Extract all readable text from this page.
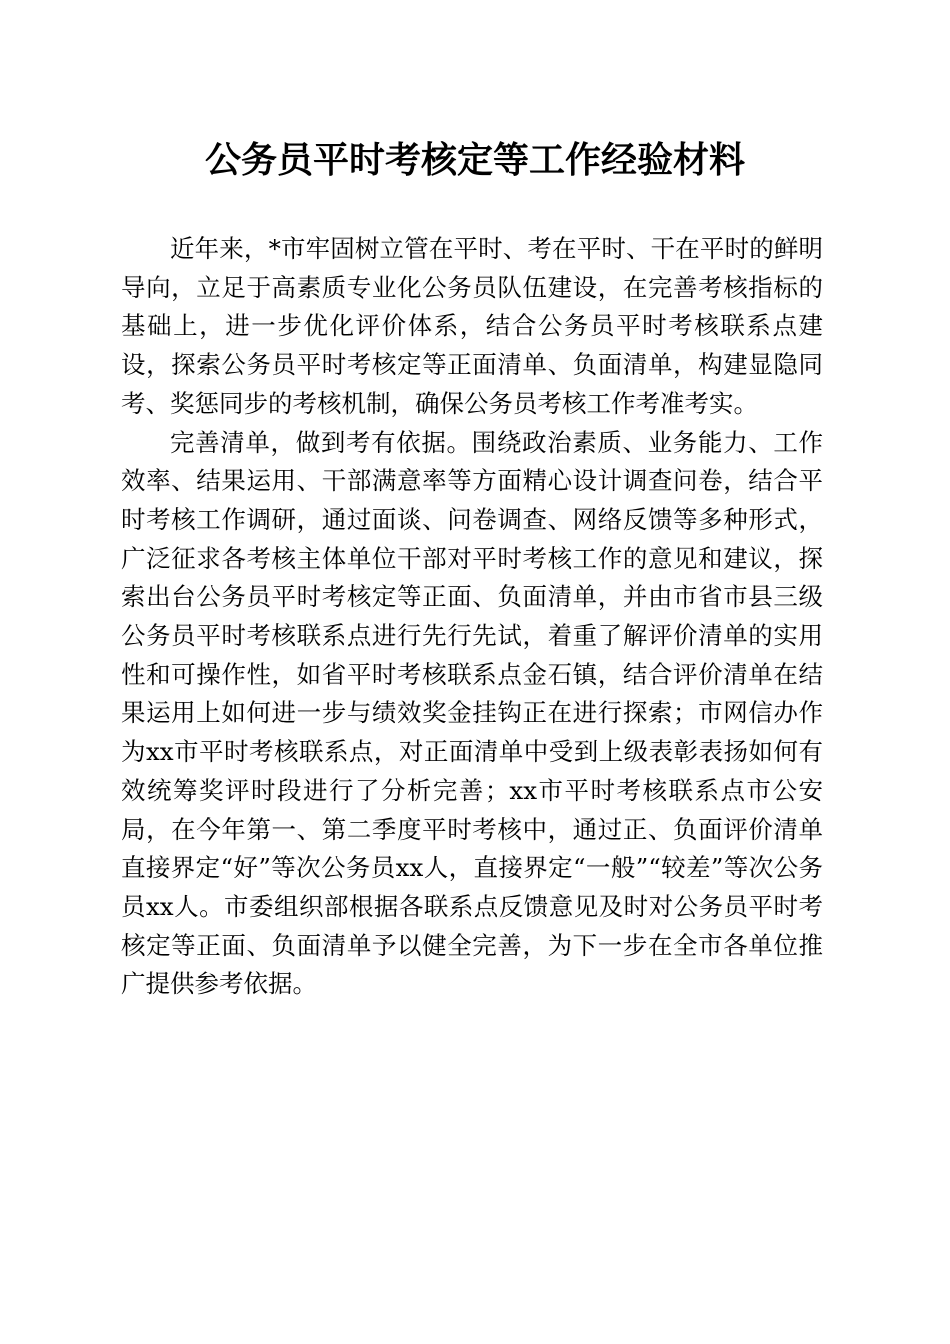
公务员平时考核定等工作经验材料

近年来，*市牢固树立管在平时、考在平时、干在平时的鲜明导向，立足于高素质专业化公务员队伍建设，在完善考核指标的基础上，进一步优化评价体系，结合公务员平时考核联系点建设，探索公务员平时考核定等正面清单、负面清单，构建显隐同考、奖惩同步的考核机制，确保公务员考核工作考准考实。

完善清单，做到考有依据。围绕政治素质、业务能力、工作效率、结果运用、干部满意率等方面精心设计调查问卷，结合平时考核工作调研，通过面谈、问卷调查、网络反馈等多种形式，广泛征求各考核主体单位干部对平时考核工作的意见和建议，探索出台公务员平时考核定等正面、负面清单，并由市省市县三级公务员平时考核联系点进行先行先试，着重了解评价清单的实用性和可操作性，如省平时考核联系点金石镇，结合评价清单在结果运用上如何进一步与绩效奖金挂钩正在进行探索；市网信办作为xx市平时考核联系点，对正面清单中受到上级表彰表扬如何有效统筹奖评时段进行了分析完善；xx市平时考核联系点市公安局，在今年第一、第二季度平时考核中，通过正、负面评价清单直接界定“好”等次公务员xx人，直接界定“一般”“较差”等次公务员xx人。市委组织部根据各联系点反馈意见及时对公务员平时考核定等正面、负面清单予以健全完善，为下一步在全市各单位推广提供参考依据。
